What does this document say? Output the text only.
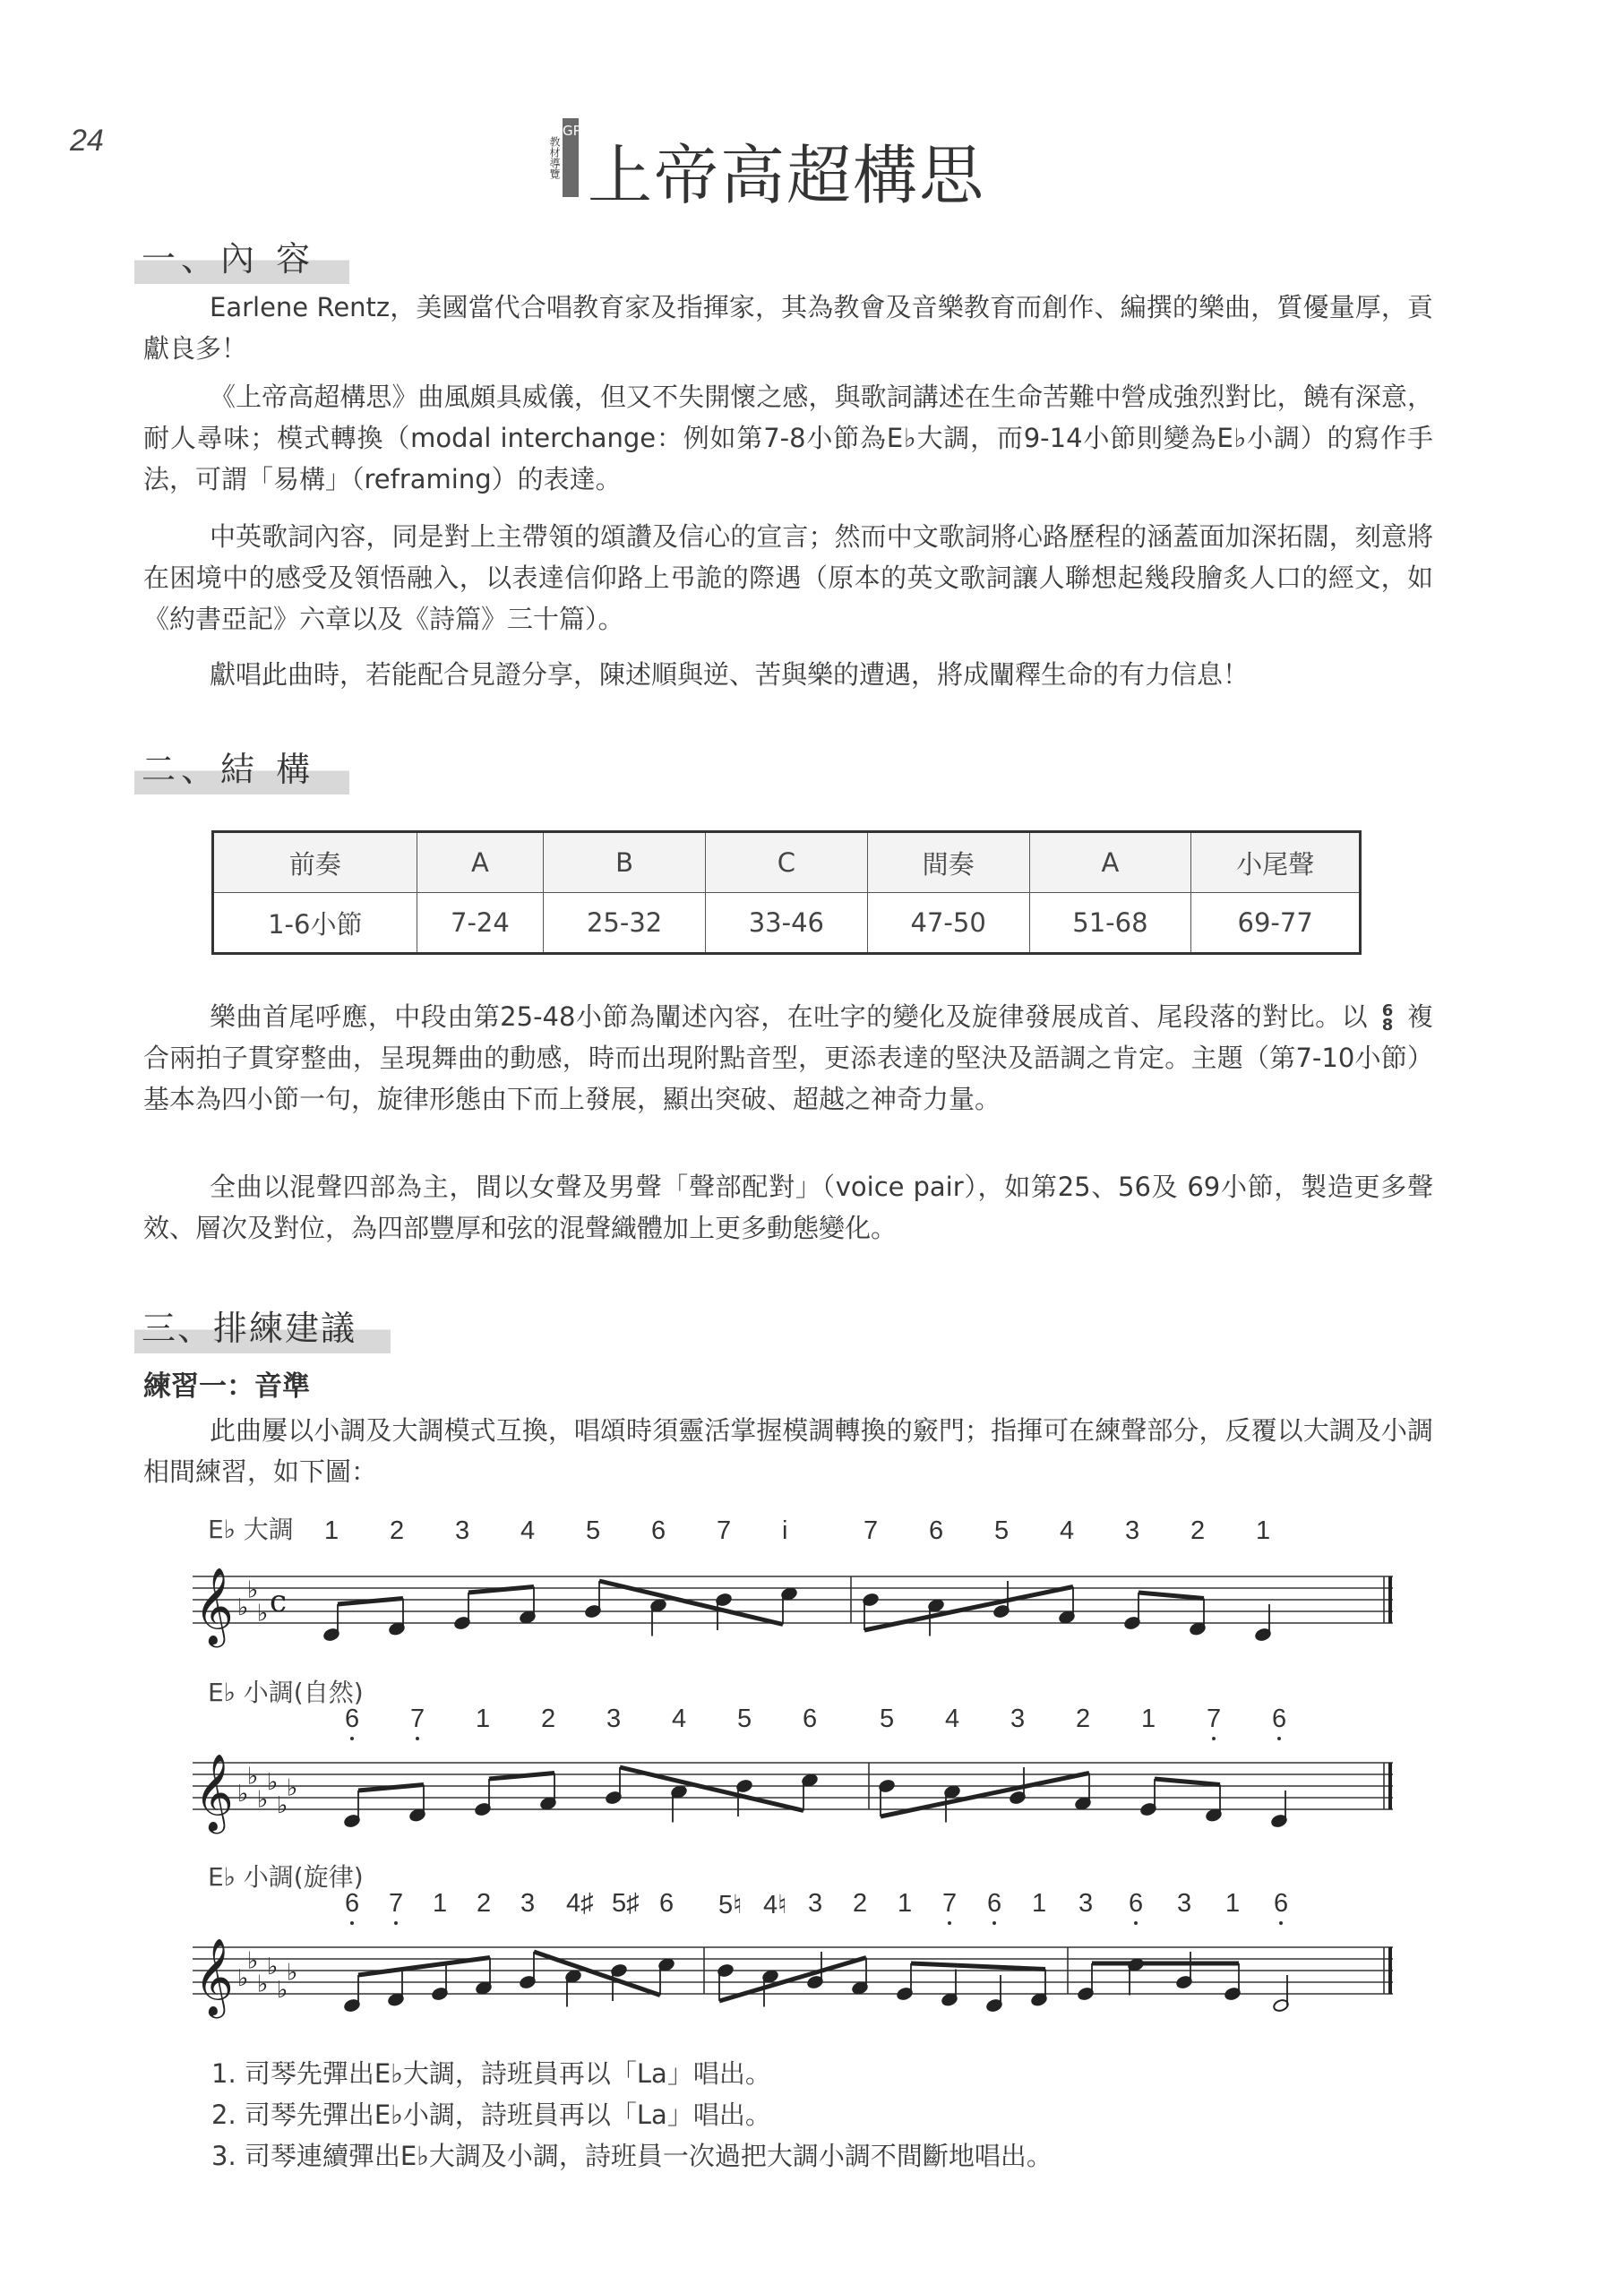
24	教材導覽
GPS
上帝高超構思
一、內 容
Earlene Rentz，美國當代合唱教育家及指揮家，其為教會及音樂教育而創作、編撰的樂曲，質優量厚，貢獻良多！
《上帝高超構思》曲風頗具威儀，但又不失開懷之感，與歌詞講述在生命苦難中營成強烈對比，饒有深意，耐人尋味；模式轉換（modal interchange：例如第7-8小節為E♭大調，而9-14小節則變為E♭小調）的寫作手法，可謂「易構」（reframing）的表達。
中英歌詞內容，同是對上主帶領的頌讚及信心的宣言；然而中文歌詞將心路歷程的涵蓋面加深拓闊，刻意將在困境中的感受及領悟融入，以表達信仰路上弔詭的際遇（原本的英文歌詞讓人聯想起幾段膾炙人口的經文，如《約書亞記》六章以及《詩篇》三十篇）。
獻唱此曲時，若能配合見證分享，陳述順與逆、苦與樂的遭遇，將成闡釋生命的有力信息！
二、結 構
前奏	A	B	C	間奏	A	小尾聲
1-6小節	7-24	25-32	33-46	47-50	51-68	69-77
樂曲首尾呼應，中段由第25-48小節為闡述內容，在吐字的變化及旋律發展成首、尾段落的對比。以 6
8 複合兩拍子貫穿整曲，呈現舞曲的動感，時而出現附點音型，更添表達的堅決及語調之肯定。主題（第7-10小節）基本為四小節一句，旋律形態由下而上發展，顯出突破、超越之神奇力量。
全曲以混聲四部為主，間以女聲及男聲「聲部配對」（voice pair），如第25、56及 69小節，製造更多聲效、層次及對位，為四部豐厚和弦的混聲織體加上更多動態變化。
三、排練建議
練習一：音準
此曲屢以小調及大調模式互換，唱頌時須靈活掌握模調轉換的竅門；指揮可在練聲部分，反覆以大調及小調相間練習，如下圖：
E♭ 大調 1 2 3 4 5 6 7 i	7 6 5 4 3 2 1
𝄞 ♭
♭
♭ c
E♭ 小調(自然)
6 7 1 2 3 4 5 6 5 4 3 2 1 7 6
𝄞 ♭
♭
♭
♭
♭
♭
E♭ 小調(旋律)
6 7 1 2 3 4♯ 5♯ 6 5♮ 4♮ 3 2 1 7 6 1 3 6 3 1 6
𝄞 ♭
♭
♭
♭
♭
♭
1. 司琴先彈出E♭大調，詩班員再以「La」唱出。
2. 司琴先彈出E♭小調，詩班員再以「La」唱出。
3. 司琴連續彈出E♭大調及小調，詩班員一次過把大調小調不間斷地唱出。
